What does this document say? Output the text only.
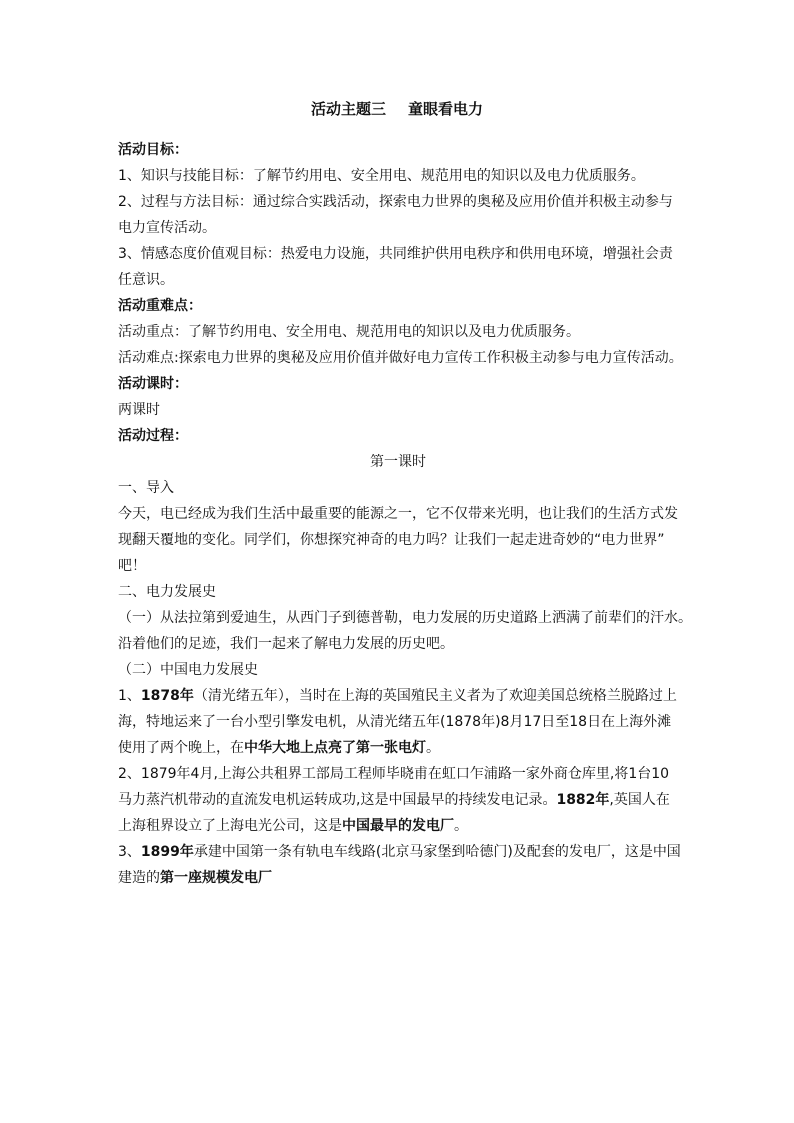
活动主题三 童眼看电力
活动目标：
1、知识与技能目标：了解节约用电、安全用电、规范用电的知识以及电力优质服务。
2、过程与方法目标：通过综合实践活动，探索电力世界的奥秘及应用价值并积极主动参与
电力宣传活动。
3、情感态度价值观目标：热爱电力设施，共同维护供用电秩序和供用电环境，增强社会责
任意识。
活动重难点：
活动重点：了解节约用电、安全用电、规范用电的知识以及电力优质服务。
活动难点:探索电力世界的奥秘及应用价值并做好电力宣传工作积极主动参与电力宣传活动。
活动课时：
两课时
活动过程：
第一课时
一、导入
今天，电已经成为我们生活中最重要的能源之一，它不仅带来光明，也让我们的生活方式发
现翻天覆地的变化。同学们，你想探究神奇的电力吗？让我们一起走进奇妙的“电力世界”
吧！
二、电力发展史
（一）从法拉第到爱迪生，从西门子到德普勒，电力发展的历史道路上洒满了前辈们的汗水。
沿着他们的足迹，我们一起来了解电力发展的历史吧。
（二）中国电力发展史
1、1878年（清光绪五年），当时在上海的英国殖民主义者为了欢迎美国总统格兰脱路过上
海，特地运来了一台小型引擎发电机，从清光绪五年(1878年)8月17日至18日在上海外滩
使用了两个晚上，在中华大地上点亮了第一张电灯。
2、1879年4月,上海公共租界工部局工程师毕晓甫在虹口乍浦路一家外商仓库里,将1台10
马力蒸汽机带动的直流发电机运转成功,这是中国最早的持续发电记录。1882年,英国人在
上海租界设立了上海电光公司，这是中国最早的发电厂。
3、1899年承建中国第一条有轨电车线路(北京马家堡到哈德门)及配套的发电厂，这是中国
建造的第一座规模发电厂
